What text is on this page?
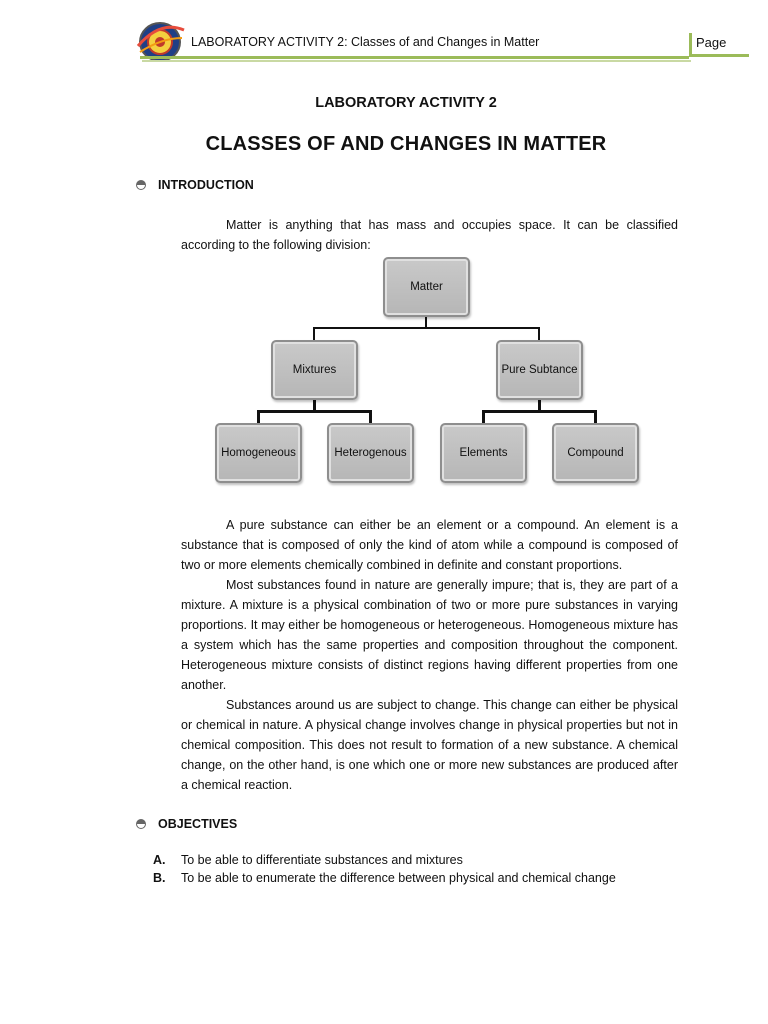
LABORATORY ACTIVITY 2: Classes of and Changes in Matter	Page
LABORATORY ACTIVITY 2
CLASSES OF AND CHANGES IN MATTER
INTRODUCTION

Matter is anything that has mass and occupies space. It can be classified according to the following division:

Matter
Mixtures	Pure Subtance
Homogeneous	Heterogenous	Elements	Compound

A pure substance can either be an element or a compound. An element is a substance that is composed of only the kind of atom while a compound is composed of two or more elements chemically combined in definite and constant proportions.

Most substances found in nature are generally impure; that is, they are part of a mixture. A mixture is a physical combination of two or more pure substances in varying proportions. It may either be homogeneous or heterogeneous. Homogeneous mixture has a system which has the same properties and composition throughout the component. Heterogeneous mixture consists of distinct regions having different properties from one another.

Substances around us are subject to change. This change can either be physical or chemical in nature. A physical change involves change in physical properties but not in chemical composition. This does not result to formation of a new substance. A chemical change, on the other hand, is one which one or more new substances are produced after a chemical reaction.

OBJECTIVES
A.	To be able to differentiate substances and mixtures
B.	To be able to enumerate the difference between physical and chemical change
